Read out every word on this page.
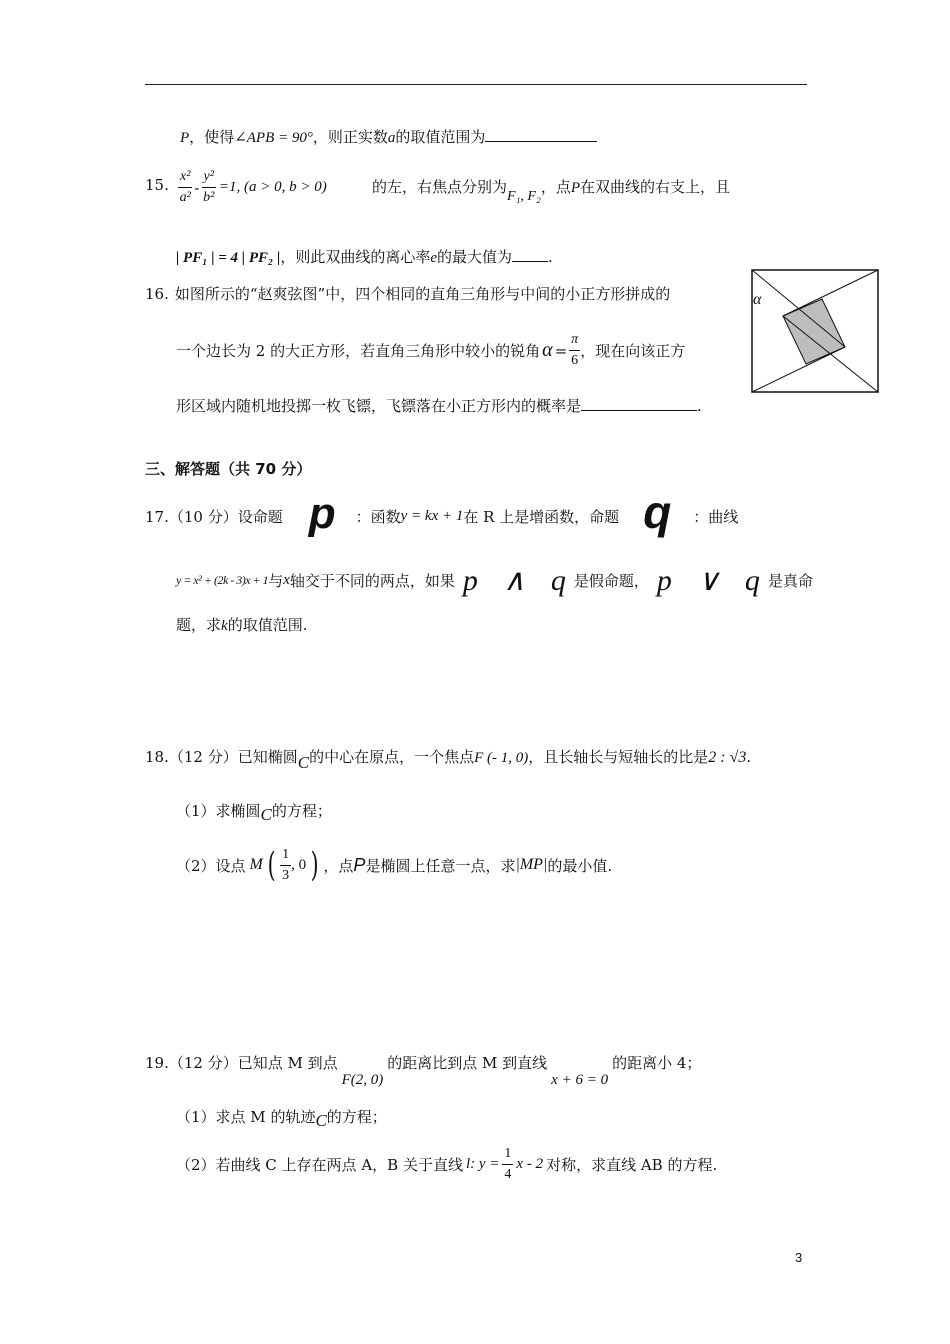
P，使得∠APB = 90°，则正实数a的取值范围为
15. $\frac{\text{x²}}{\text{a²}} - \frac{\text{y²}}{\text{b²}} =1$, (a > 0, b > 0)	的左，右焦点分别为F₁, F₂，点P在双曲线的右支上，且
| PF₁ | = 4 | PF₂ |，则此双曲线的离心率e的最大值为 .
16. 如图所示的“赵爽弦图”中，四个相同的直角三角形与中间的小正方形拼成的
一个边长为 2 的大正方形，若直角三角形中较小的锐角 $\alpha = \frac{\pi}{6}$ ，现在向该正方
形区域内随机地投掷一枚飞镖，飞镖落在小正方形内的概率是	.
α
三、解答题（共 70 分）
17.（10 分）设命题 p ：函数 y = kx + 1 在 R 上是增函数，命题 q ：曲线
y = x² + (2k - 3)x + 1 与 x 轴交于不同的两点，如果 p ∧ q 是假命题， p ∨ q 是真命
题，求k的取值范围.
18.（12 分）已知椭圆C的中心在原点，一个焦点F (- 1, 0)，且长轴长与短轴长的比是2 : √3.
（1）求椭圆C的方程；
（2）设点 M ( $\frac{1}{3}$ , 0 ) ，点 P 是椭圆上任意一点，求 |MP| 的最小值.
19.（12 分）已知点 M 到点F(2, 0)的距离比到点 M 到直线x + 6 = 0的距离小 4；
（1）求点 M 的轨迹C的方程；
（2）若曲线 C 上存在两点 A，B 关于直线 l: $y = \frac{1}{4}$ x - 2 对称，求直线 AB 的方程.
3
